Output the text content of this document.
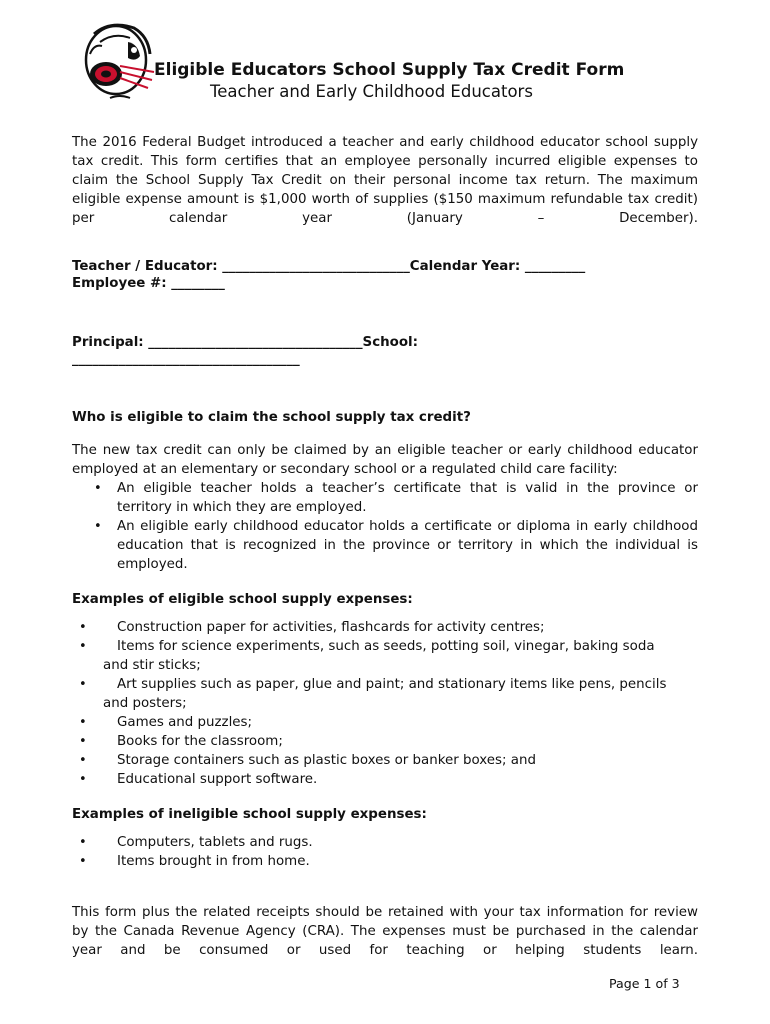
Eligible Educators School Supply Tax Credit Form
Teacher and Early Childhood Educators
The 2016 Federal Budget introduced a teacher and early childhood educator school supply tax credit. This form certifies that an employee personally incurred eligible expenses to claim the School Supply Tax Credit on their personal income tax return. The maximum eligible expense amount is $1,000 worth of supplies ($150 maximum refundable tax credit) per calendar year (January – December).
Teacher / Educator: ____________________________Calendar Year: _________
Employee #: ________
Principal: ________________________________School:
__________________________________
Who is eligible to claim the school supply tax credit?
The new tax credit can only be claimed by an eligible teacher or early childhood educator employed at an elementary or secondary school or a regulated child care facility:
• An eligible teacher holds a teacher’s certificate that is valid in the province or territory in which they are employed.
• An eligible early childhood educator holds a certificate or diploma in early childhood education that is recognized in the province or territory in which the individual is employed.
Examples of eligible school supply expenses:
• Construction paper for activities, flashcards for activity centres;
• Items for science experiments, such as seeds, potting soil, vinegar, baking soda
and stir sticks;
• Art supplies such as paper, glue and paint; and stationary items like pens, pencils
and posters;
• Games and puzzles;
• Books for the classroom;
• Storage containers such as plastic boxes or banker boxes; and
• Educational support software.
Examples of ineligible school supply expenses:
• Computers, tablets and rugs.
• Items brought in from home.
This form plus the related receipts should be retained with your tax information for review by the Canada Revenue Agency (CRA). The expenses must be purchased in the calendar year and be consumed or used for teaching or helping students learn.
Page 1 of 3
